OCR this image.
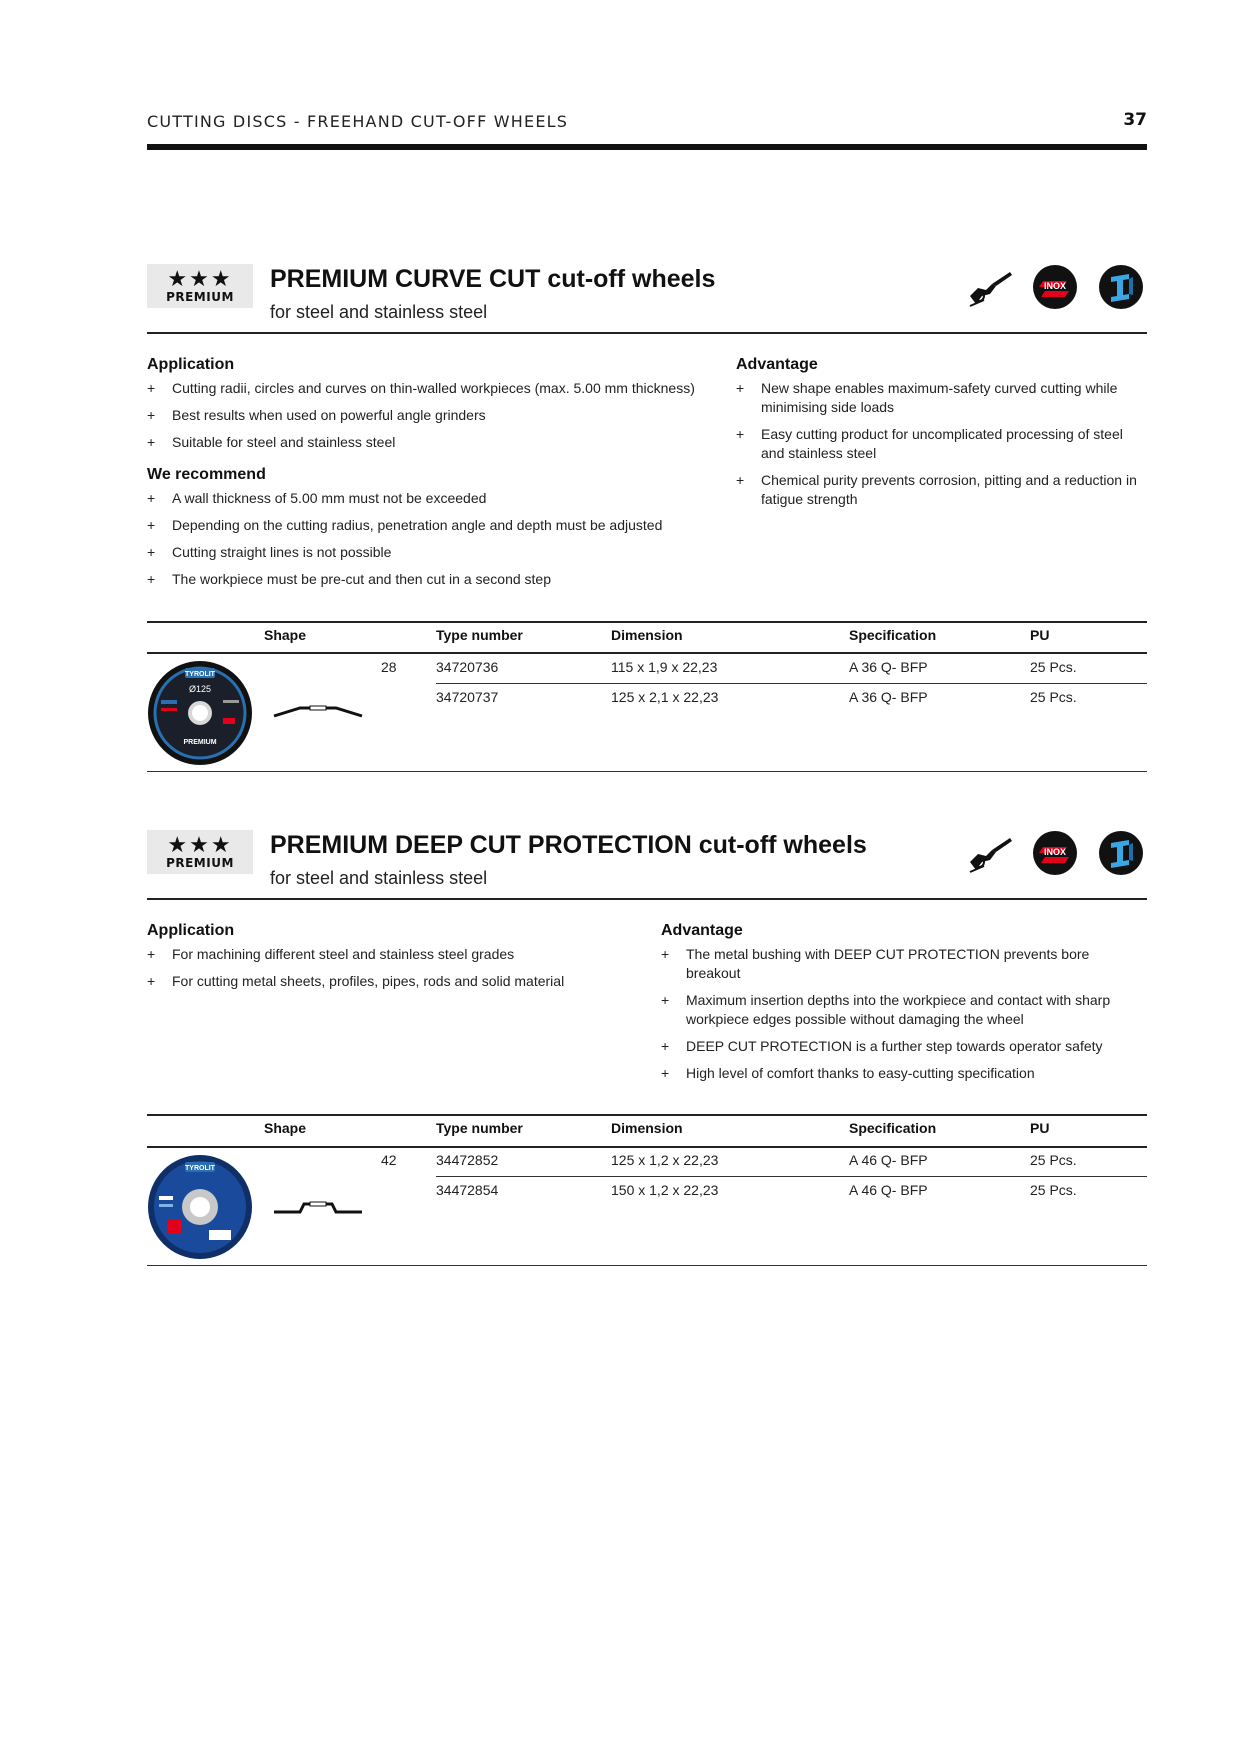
CUTTING DISCS - FREEHAND CUT-OFF WHEELS	37
★★★
PREMIUM
PREMIUM CURVE CUT cut-off wheels
for steel and stainless steel
INOX
Application
+ Cutting radii, circles and curves on thin-walled workpieces (max. 5.00 mm thickness)
+ Best results when used on powerful angle grinders
+ Suitable for steel and stainless steel
We recommend
+ A wall thickness of 5.00 mm must not be exceeded
+ Depending on the cutting radius, penetration angle and depth must be adjusted
+ Cutting straight lines is not possible
+ The workpiece must be pre-cut and then cut in a second step
Advantage
+ New shape enables maximum-safety curved cutting while minimising side loads
+ Easy cutting product for uncomplicated processing of steel and stainless steel
+ Chemical purity prevents corrosion, pitting and a reduction in fatigue strength
Shape	Type number	Dimension	Specification	PU
TYROLIT
Ø125
PREMIUM
28	34720736	115 x 1,9 x 22,23	A 36 Q- BFP	25 Pcs.
34720737	125 x 2,1 x 22,23	A 36 Q- BFP	25 Pcs.
★★★
PREMIUM
PREMIUM DEEP CUT PROTECTION cut-off wheels
for steel and stainless steel
INOX
Application
+ For machining different steel and stainless steel grades
+ For cutting metal sheets, profiles, pipes, rods and solid material
Advantage
+ The metal bushing with DEEP CUT PROTECTION prevents bore breakout
+ Maximum insertion depths into the workpiece and contact with sharp workpiece edges possible without damaging the wheel
+ DEEP CUT PROTECTION is a further step towards operator safety
+ High level of comfort thanks to easy-cutting specification
Shape	Type number	Dimension	Specification	PU
TYROLIT
42	34472852	125 x 1,2 x 22,23	A 46 Q- BFP	25 Pcs.
34472854	150 x 1,2 x 22,23	A 46 Q- BFP	25 Pcs.
